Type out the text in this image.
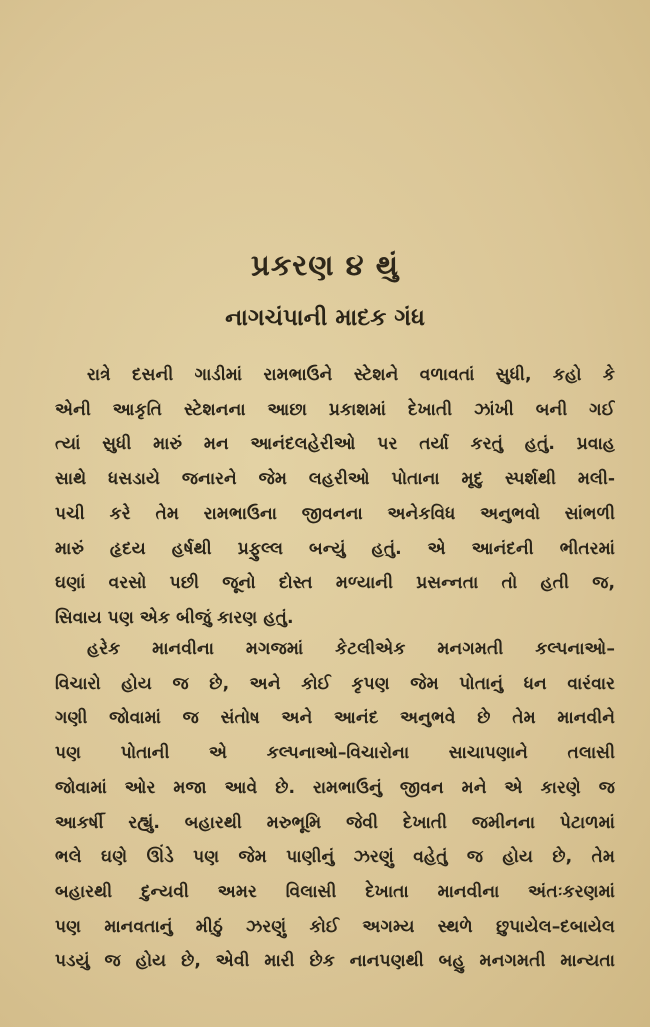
પ્રકરણ ૪ થું
નાગચંપાની માદક ગંધ
રાત્રે દસની ગાડીમાં રામભાઉને સ્ટેશને વળાવતાં સુધી, કહો કે
એની આકૃતિ સ્ટેશનના આછા પ્રકાશમાં દેખાતી ઝાંખી બની ગઈ
ત્યાં સુધી મારું મન આનંદલહેરીઓ પર તર્યા કરતું હતું. પ્રવાહ
સાથે ધસડાયે જનારને જેમ લહરીઓ પોતાના મૃદુ સ્પર્શથી મલી-
પચી કરે તેમ રામભાઉના જીવનના અનેકવિધ અનુભવો સાંભળી
મારું હૃદય હર્ષથી પ્રફુલ્લ બન્યું હતું. એ આનંદની ભીતરમાં
ઘણાં વરસો પછી જૂનો દોસ્ત મળ્યાની પ્રસન્નતા તો હતી જ,
સિવાય પણ એક બીજું કારણ હતું.
હરેક માનવીના મગજમાં કેટલીએક મનગમતી કલ્પનાઓ–
વિચારો હોય જ છે, અને કોઈ કૃપણ જેમ પોતાનું ધન વારંવાર
ગણી જોવામાં જ સંતોષ અને આનંદ અનુભવે છે તેમ માનવીને
પણ પોતાની એ કલ્પનાઓ–વિચારોના સાચાપણાને તલાસી
જોવામાં ઓર મજા આવે છે. રામભાઉનું જીવન મને એ કારણે જ
આકર્ષી રહ્યું. બહારથી મરુભૂમિ જેવી દેખાતી જમીનના પેટાળમાં
ભલે ઘણે ઊંડે પણ જેમ પાણીનું ઝરણું વહેતું જ હોય છે, તેમ
બહારથી દુન્યવી અમર વિલાસી દેખાતા માનવીના અંતઃકરણમાં
પણ માનવતાનું મીઠું ઝરણું કોઈ અગમ્ય સ્થળે છુપાયેલ–દબાયેલ
પડયું જ હોય છે, એવી મારી છેક નાનપણથી બહુ મનગમતી માન્યતા
